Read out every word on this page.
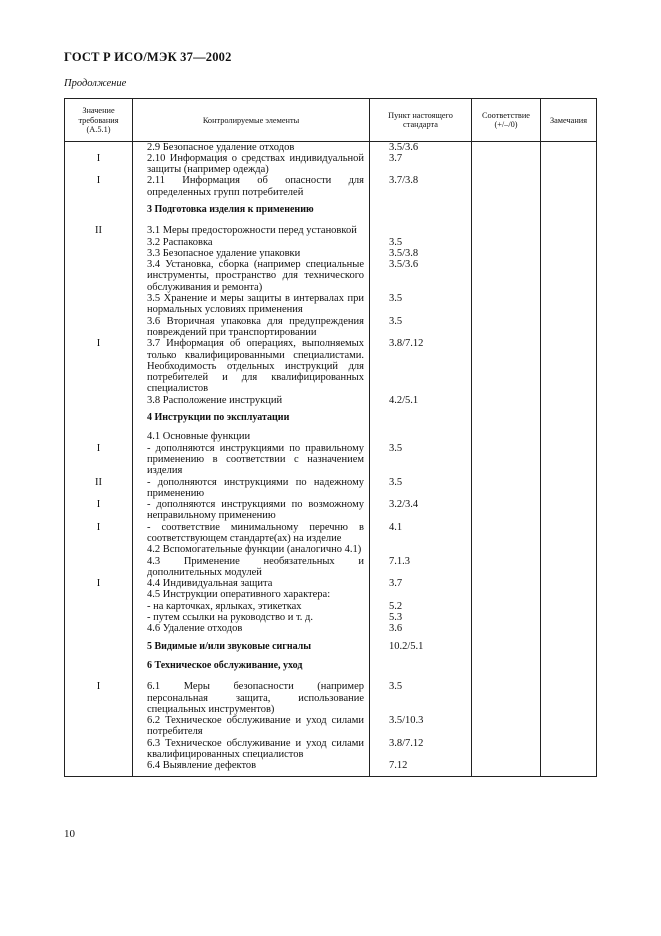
ГОСТ Р ИСО/МЭК 37—2002
Продолжение
Значение требования (А.5.1)	Контролируемые элементы	Пункт настоящего стандарта	Соответствие (+/–/0)	Замечания

	2.9 Безопасное удаление отходов	3.5/3.6		

I	2.10 Информация о средствах индивидуальной защиты (например одежда)	3.7		

I	2.11 Информация об опасности для определенных групп потребителей	3.7/3.8		

	3 Подготовка изделия к применению			

II	3.1 Меры предосторожности перед установкой			

	3.2 Распаковка	3.5		

	3.3 Безопасное удаление упаковки	3.5/3.8		

	3.4 Установка, сборка (например специальные инструменты, пространство для технического обслуживания и ремонта)	3.5/3.6		

	3.5 Хранение и меры защиты в интервалах при нормальных условиях применения	3.5		

	3.6 Вторичная упаковка для предупреждения повреждений при транспортировании	3.5		

I	3.7 Информация об операциях, выполняемых только квалифицированными специалистами. Необходимость отдельных инструкций для потребителей и для квалифицированных специалистов	3.8/7.12		

	3.8 Расположение инструкций	4.2/5.1		

	4 Инструкции по эксплуатации			

	4.1 Основные функции			

I	- дополняются инструкциями по правильному применению в соответствии с назначением изделия	3.5		

II	- дополняются инструкциями по надежному применению	3.5		

I	- дополняются инструкциями по возможному неправильному применению	3.2/3.4		

I	- соответствие минимальному перечню в соответствующем стандарте(ах) на изделие	4.1		

	4.2 Вспомогательные функции (аналогично 4.1)			

	4.3 Применение необязательных и дополнительных модулей	7.1.3		

I	4.4 Индивидуальная защита	3.7		

	4.5 Инструкции оперативного характера:			

	- на карточках, ярлыках, этикетках	5.2		

	- путем ссылки на руководство и т. д.	5.3		

	4.6 Удаление отходов	3.6		

	5 Видимые и/или звуковые сигналы	10.2/5.1		

	6 Техническое обслуживание, уход			

I	6.1 Меры безопасности (например персональная защита, использование специальных инструментов)	3.5		

	6.2 Техническое обслуживание и уход силами потребителя	3.5/10.3		

	6.3 Техническое обслуживание и уход силами квалифицированных специалистов	3.8/7.12		

	6.4 Выявление дефектов	7.12		

10
